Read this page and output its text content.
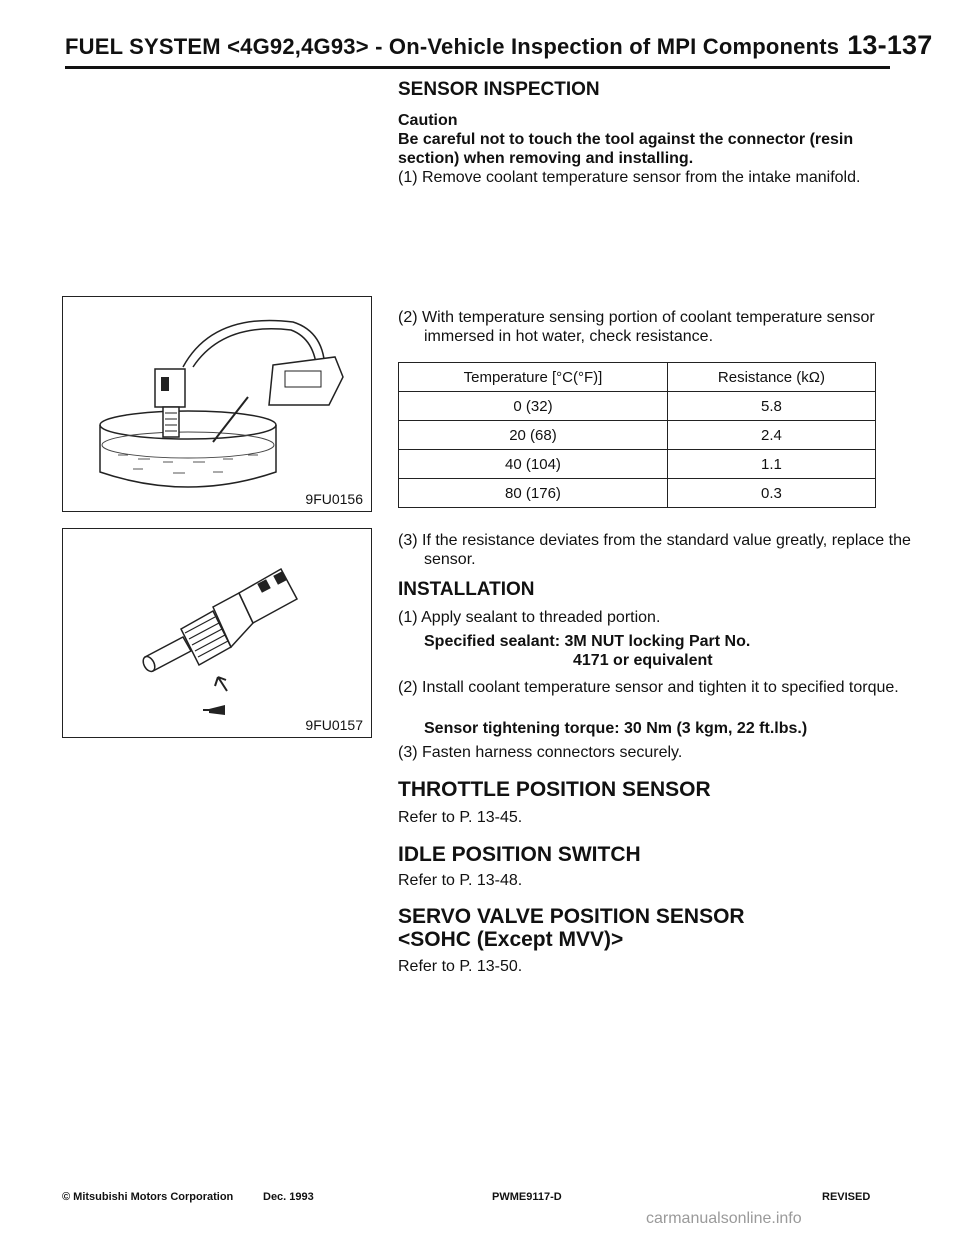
FUEL SYSTEM <4G92,4G93> - On-Vehicle Inspection of MPI Components 13-137
9FU0156
9FU0157
SENSOR INSPECTION
Caution
Be careful not to touch the tool against the connector (resin section) when removing and installing.
(1) Remove coolant temperature sensor from the intake manifold.
(2) With temperature sensing portion of coolant temperature sensor immersed in hot water, check resistance.
Temperature [°C(°F)]	Resistance (kΩ)
0 (32)	5.8
20 (68)	2.4
40 (104)	1.1
80 (176)	0.3
(3) If the resistance deviates from the standard value greatly, replace the sensor.
INSTALLATION
(1) Apply sealant to threaded portion.
Specified sealant: 3M NUT locking Part No.
4171 or equivalent
(2) Install coolant temperature sensor and tighten it to specified torque.
Sensor tightening torque: 30 Nm (3 kgm, 22 ft.lbs.)
(3) Fasten harness connectors securely.
THROTTLE POSITION SENSOR
Refer to P. 13-45.
IDLE POSITION SWITCH
Refer to P. 13-48.
SERVO VALVE POSITION SENSOR
<SOHC (Except MVV)>
Refer to P. 13-50.
© Mitsubishi Motors Corporation	Dec. 1993	PWME9117-D	REVISED
carmanualsonline.info
